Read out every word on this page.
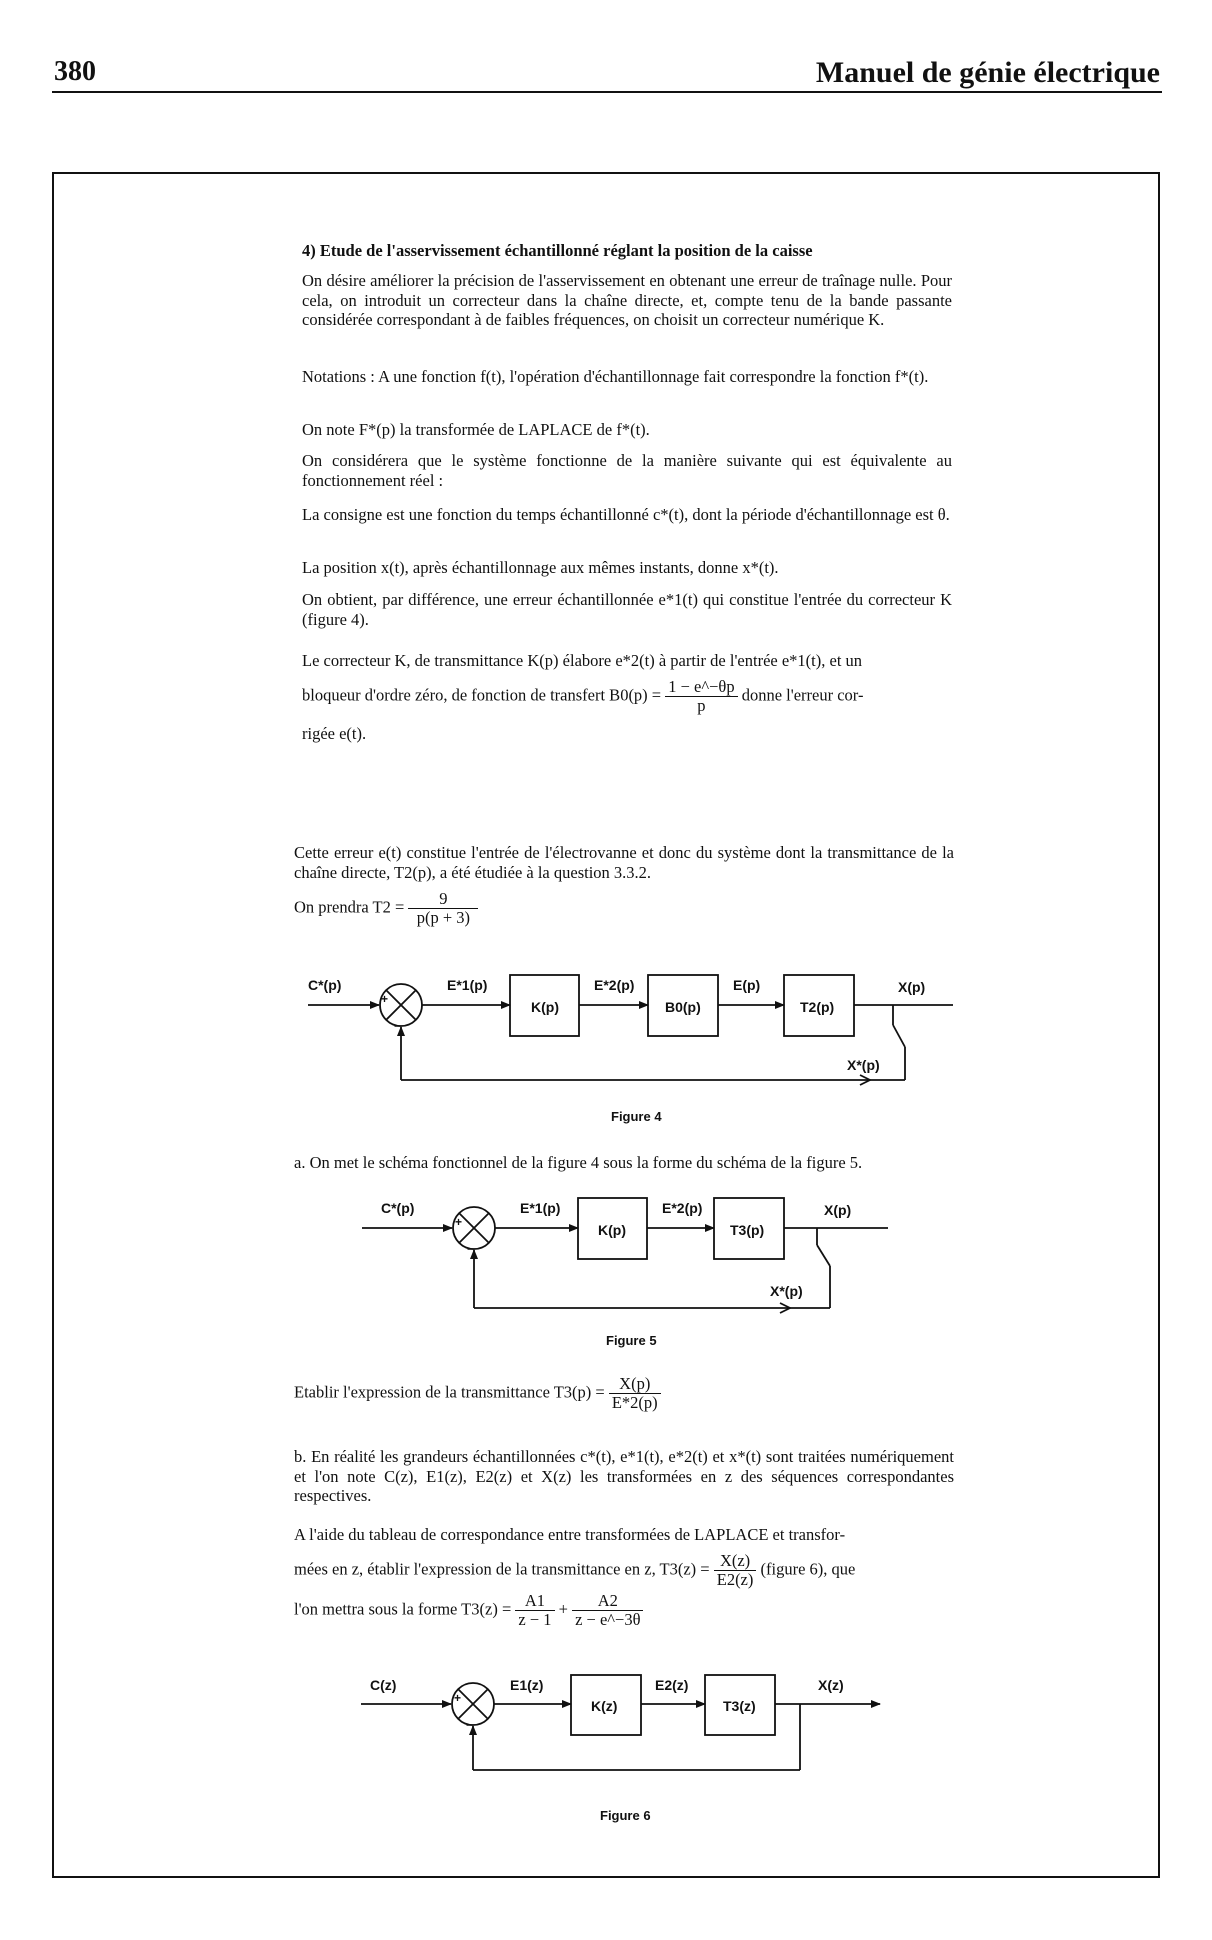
380	Manuel de génie électrique

4) Etude de l'asservissement échantillonné réglant la position de la caisse

On désire améliorer la précision de l'asservissement en obtenant une erreur de traînage nulle. Pour cela, on introduit un correcteur dans la chaîne directe, et, compte tenu de la bande passante considérée correspondant à de faibles fréquences, on choisit un correcteur numérique K.

Notations : A une fonction f(t), l'opération d'échantillonnage fait correspondre la fonction f*(t).

On note F*(p) la transformée de LAPLACE de f*(t).

On considérera que le système fonctionne de la manière suivante qui est équivalente au fonctionnement réel :

La consigne est une fonction du temps échantillonné c*(t), dont la période d'échantillonnage est θ.

La position x(t), après échantillonnage aux mêmes instants, donne x*(t).

On obtient, par différence, une erreur échantillonnée e*1(t) qui constitue l'entrée du correcteur K (figure 4).

Le correcteur K, de transmittance K(p) élabore e*2(t) à partir de l'entrée e*1(t), et un

bloqueur d'ordre zéro, de fonction de transfert $B0(p) = \frac{1 - e\^{}-\theta p}{p}$ donne l'erreur cor-

rigée e(t).

Cette erreur e(t) constitue l'entrée de l'électrovanne et donc du système dont la transmittance de la chaîne directe, T2(p), a été étudiée à la question 3.3.2.

On prendra $T2 = \frac{9}{p(p + 3)}$
C*(p)	E*1(p)
K(p)
E*2(p)
B0(p)
E(p)
T2(p)
X(p)
X*(p)
+
−
Figure 4

a. On met le schéma fonctionnel de la figure 4 sous la forme du schéma de la figure 5.

C*(p)	E*1(p)
K(p)
E*2(p)
T3(p)
X(p)
X*(p)
+
−
Figure 5
Etablir l'expression de la transmittance $T3(p) = \frac{X(p)}{E*2(p)}$

b. En réalité les grandeurs échantillonnées c*(t), e*1(t), e*2(t) et x*(t) sont traitées numériquement et l'on note C(z), E1(z), E2(z) et X(z) les transformées en z des séquences correspondantes respectives.

A l'aide du tableau de correspondance entre transformées de LAPLACE et transfor-

mées en z, établir l'expression de la transmittance en z, $T3(z) = \frac{X(z)}{E2(z)}$ (figure 6), que
l'on mettra sous la forme $T3(z) = \frac{A1}{z - 1} + \frac{A2}{z - e\^{}-3\theta}$
C(z)	E1(z)
K(z)
E2(z)
T3(z)
X(z)
+
−
Figure 6
